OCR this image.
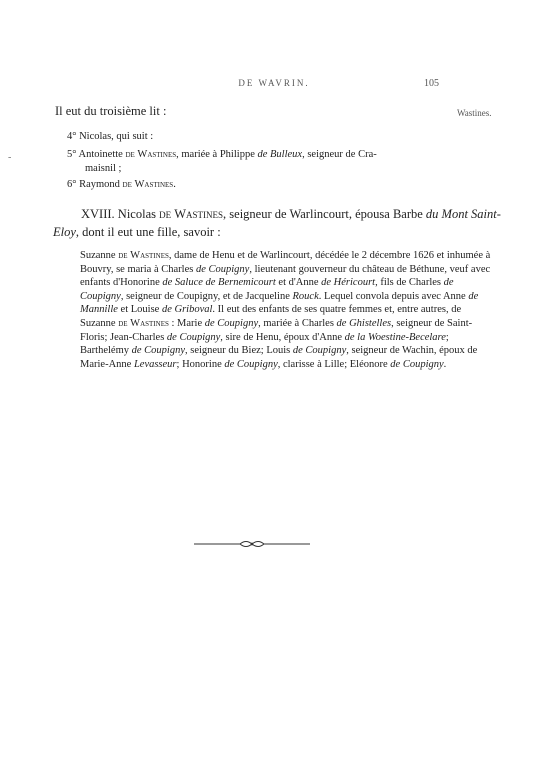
DE WAVRIN.	105
Wastines.
-
Il eut du troisième lit :
4° Nicolas, qui suit :
5° Antoinette de Wastines, mariée à Philippe de Bulleux, seigneur de Cra-
maisnil ;
6° Raymond de Wastines.
XVIII. Nicolas de Wastines, seigneur de Warlincourt, épousa Barbe du Mont Saint-Eloy, dont il eut une fille, savoir :
Suzanne de Wastines, dame de Henu et de Warlincourt, décédée le 2 décembre 1626 et inhumée à Bouvry, se maria à Charles de Coupigny, lieutenant gouverneur du château de Béthune, veuf avec enfants d'Honorine de Saluce de Bernemicourt et d'Anne de Héricourt, fils de Charles de Coupigny, seigneur de Coupigny, et de Jacqueline Rouck. Lequel convola depuis avec Anne de Mannille et Louise de Griboval. Il eut des enfants de ses quatre femmes et, entre autres, de Suzanne de Wastines : Marie de Coupigny, mariée à Charles de Ghistelles, seigneur de Saint-Floris; Jean-Charles de Coupigny, sire de Henu, époux d'Anne de la Woestine-Becelare; Barthelémy de Coupigny, seigneur du Biez; Louis de Coupigny, seigneur de Wachin, époux de Marie-Anne Levasseur; Honorine de Coupigny, clarisse à Lille; Eléonore de Coupigny.
